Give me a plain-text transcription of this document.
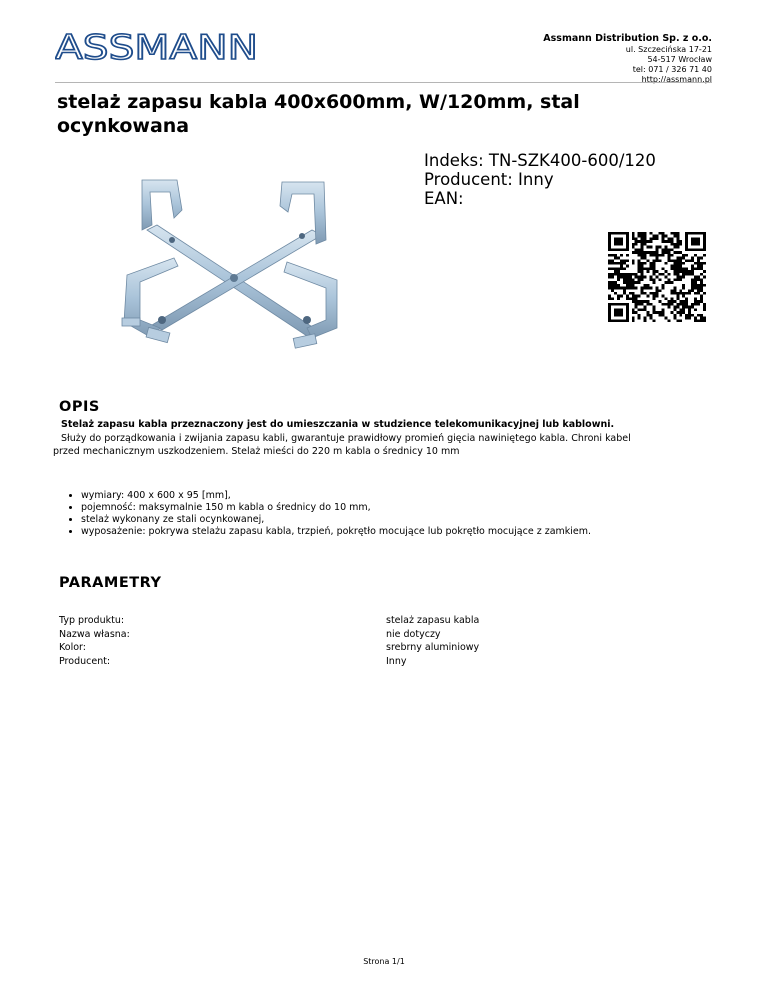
ASSMANN	Assmann Distribution Sp. z o.o.
ul. Szczecińska 17-21
54-517 Wrocław
tel: 071 / 326 71 40
http://assmann.pl
stelaż zapasu kabla 400x600mm, W/120mm, stal ocynkowana
Indeks: TN-SZK400-600/120
Producent: Inny
EAN:
OPIS
Stelaż zapasu kabla przeznaczony jest do umieszczania w studzience telekomunikacyjnej lub kablowni.
Służy do porządkowania i zwijania zapasu kabli, gwarantuje prawidłowy promień gięcia nawiniętego kabla. Chroni kabel
przed mechanicznym uszkodzeniem. Stelaż mieści do 220 m kabla o średnicy 10 mm
• wymiary: 400 x 600 x 95 [mm],
• pojemność: maksymalnie 150 m kabla o średnicy do 10 mm,
• stelaż wykonany ze stali ocynkowanej,
• wyposażenie: pokrywa stelażu zapasu kabla, trzpień, pokrętło mocujące lub pokrętło mocujące z zamkiem.
PARAMETRY
Typ produktu:	stelaż zapasu kabla
Nazwa własna:	nie dotyczy
Kolor:	srebrny aluminiowy
Producent:	Inny
Strona 1/1
